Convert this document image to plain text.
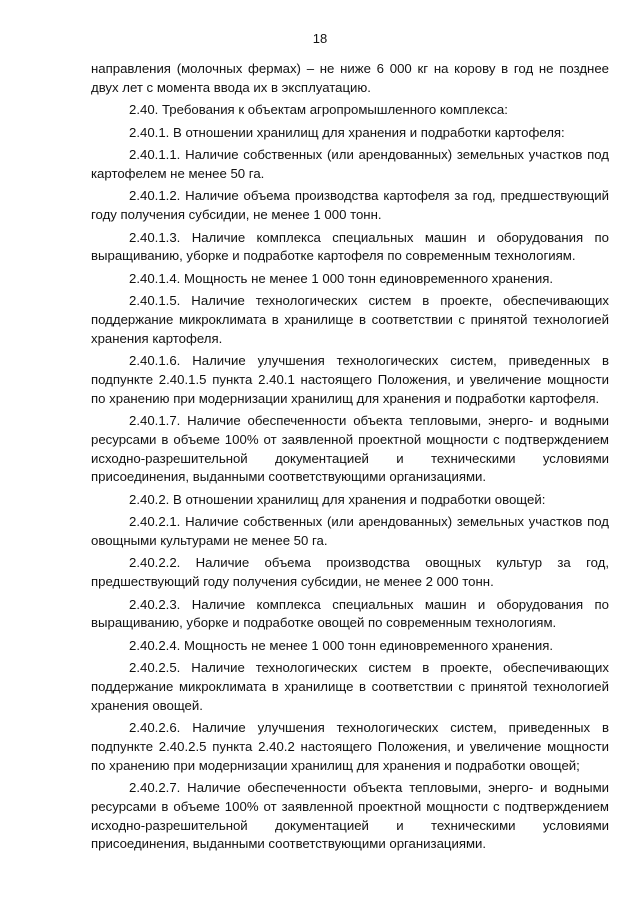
18

направления (молочных фермах) – не ниже 6 000 кг на корову в год не позднее двух лет с момента ввода их в эксплуатацию.

2.40. Требования к объектам агропромышленного комплекса:

2.40.1. В отношении хранилищ для хранения и подработки картофеля:

2.40.1.1. Наличие собственных (или арендованных) земельных участков под картофелем не менее 50 га.

2.40.1.2. Наличие объема производства картофеля за год, предшествующий году получения субсидии, не менее 1 000 тонн.

2.40.1.3. Наличие комплекса специальных машин и оборудования по выращиванию, уборке и подработке картофеля по современным технологиям.

2.40.1.4. Мощность не менее 1 000 тонн единовременного хранения.

2.40.1.5. Наличие технологических систем в проекте, обеспечивающих поддержание микроклимата в хранилище в соответствии с принятой технологией хранения картофеля.

2.40.1.6. Наличие улучшения технологических систем, приведенных в подпункте 2.40.1.5 пункта 2.40.1 настоящего Положения, и увеличение мощности по хранению при модернизации хранилищ для хранения и подработки картофеля.

2.40.1.7. Наличие обеспеченности объекта тепловыми, энерго- и водными ресурсами в объеме 100% от заявленной проектной мощности с подтверждением исходно-разрешительной документацией и техническими условиями присоединения, выданными соответствующими организациями.

2.40.2. В отношении хранилищ для хранения и подработки овощей:

2.40.2.1. Наличие собственных (или арендованных) земельных участков под овощными культурами не менее 50 га.

2.40.2.2. Наличие объема производства овощных культур за год, предшествующий году получения субсидии, не менее 2 000 тонн.

2.40.2.3. Наличие комплекса специальных машин и оборудования по выращиванию, уборке и подработке овощей по современным технологиям.

2.40.2.4. Мощность не менее 1 000 тонн единовременного хранения.

2.40.2.5. Наличие технологических систем в проекте, обеспечивающих поддержание микроклимата в хранилище в соответствии с принятой технологией хранения овощей.

2.40.2.6. Наличие улучшения технологических систем, приведенных в подпункте 2.40.2.5 пункта 2.40.2 настоящего Положения, и увеличение мощности по хранению при модернизации хранилищ для хранения и подработки овощей;

2.40.2.7. Наличие обеспеченности объекта тепловыми, энерго- и водными ресурсами в объеме 100% от заявленной проектной мощности с подтверждением исходно-разрешительной документацией и техническими условиями присоединения, выданными соответствующими организациями.
